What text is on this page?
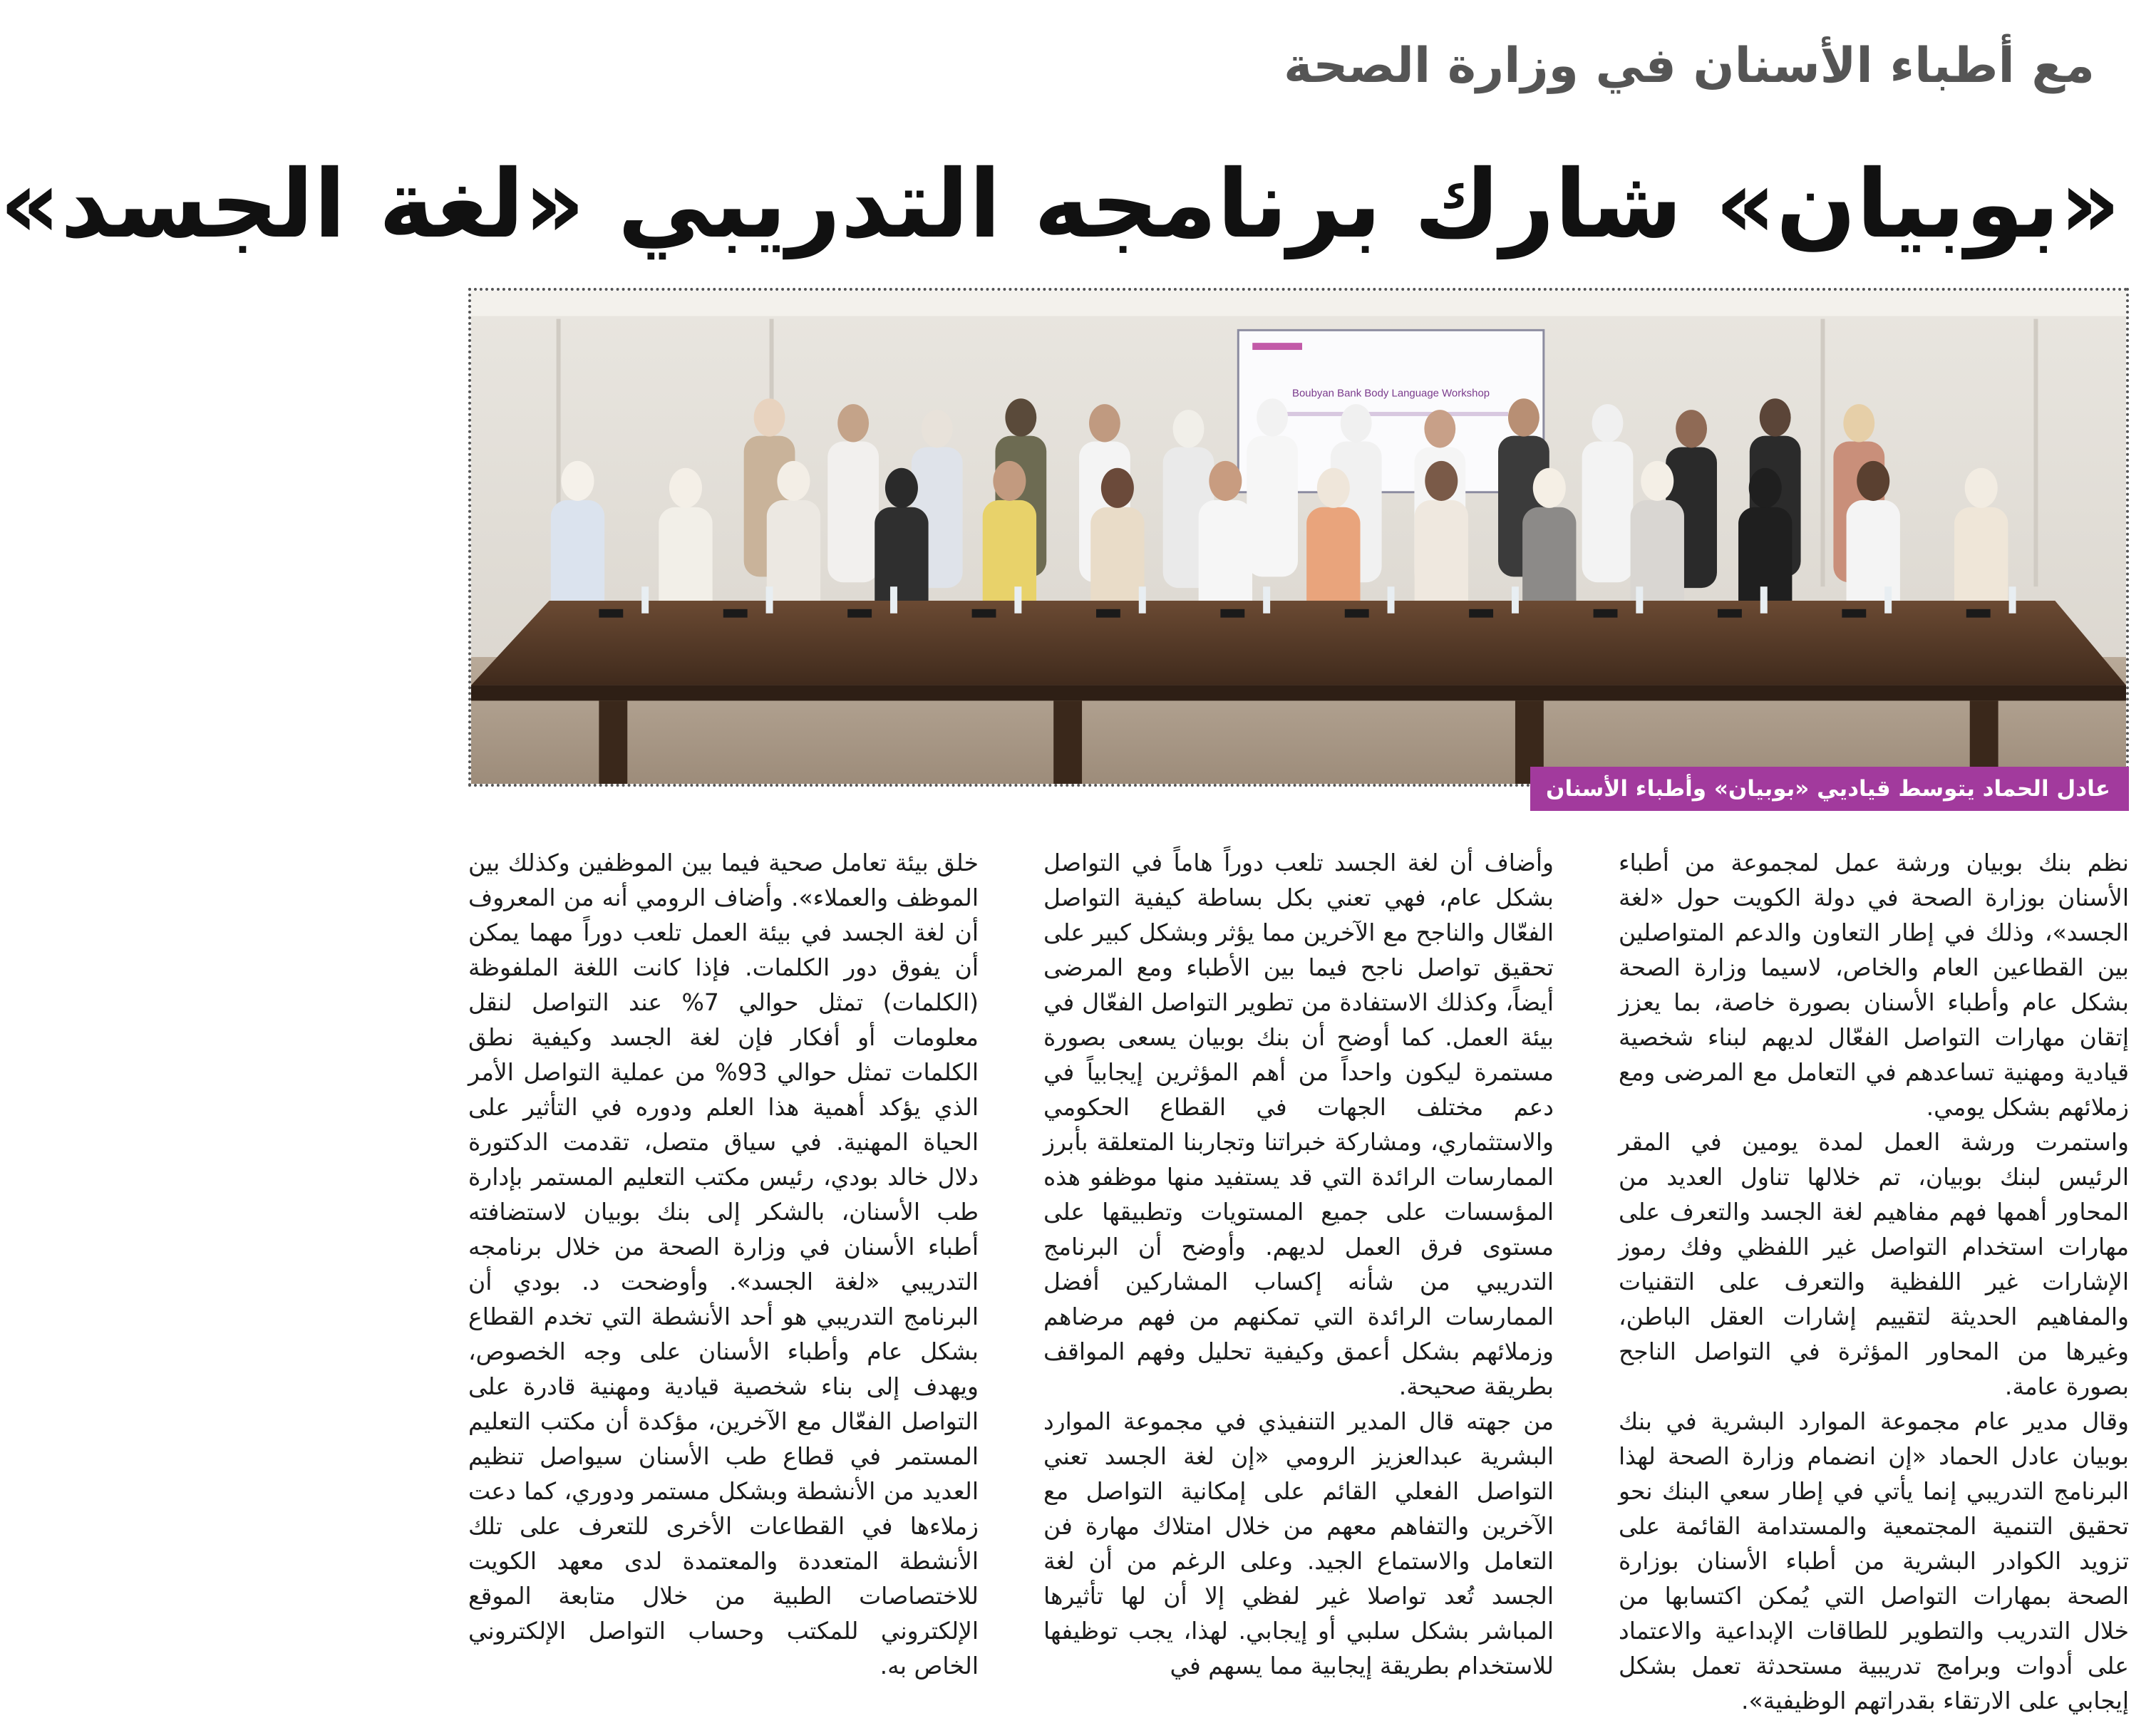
مع أطباء الأسنان في وزارة الصحة
«بوبيان» شارك برنامجه التدريبي «لغة الجسد»
Boubyan Bank Body Language Workshop
عادل الحماد يتوسط قياديي «بوبيان» وأطباء الأسنان

نظم بنك بوبيان ورشة عمل لمجموعة من أطباء الأسنان بوزارة الصحة في دولة الكويت حول «لغة الجسد»، وذلك في إطار التعاون والدعم المتواصلين بين القطاعين العام والخاص، لاسيما وزارة الصحة بشكل عام وأطباء الأسنان بصورة خاصة، بما يعزز إتقان مهارات التواصل الفعّال لديهم لبناء شخصية قيادية ومهنية تساعدهم في التعامل مع المرضى ومع زملائهم بشكل يومي.

واستمرت ورشة العمل لمدة يومين في المقر الرئيس لبنك بوبيان، تم خلالها تناول العديد من المحاور أهمها فهم مفاهيم لغة الجسد والتعرف على مهارات استخدام التواصل غير اللفظي وفك رموز الإشارات غير اللفظية والتعرف على التقنيات والمفاهيم الحديثة لتقييم إشارات العقل الباطن، وغيرها من المحاور المؤثرة في التواصل الناجح بصورة عامة.

وقال مدير عام مجموعة الموارد البشرية في بنك بوبيان عادل الحماد «إن انضمام وزارة الصحة لهذا البرنامج التدريبي إنما يأتي في إطار سعي البنك نحو تحقيق التنمية المجتمعية والمستدامة القائمة على تزويد الكوادر البشرية من أطباء الأسنان بوزارة الصحة بمهارات التواصل التي يُمكن اكتسابها من خلال التدريب والتطوير للطاقات الإبداعية والاعتماد على أدوات وبرامج تدريبية مستحدثة تعمل بشكل إيجابي على الارتقاء بقدراتهم الوظيفية».

وأضاف أن لغة الجسد تلعب دوراً هاماً في التواصل بشكل عام، فهي تعني بكل بساطة كيفية التواصل الفعّال والناجح مع الآخرين مما يؤثر وبشكل كبير على تحقيق تواصل ناجح فيما بين الأطباء ومع المرضى أيضاً، وكذلك الاستفادة من تطوير التواصل الفعّال في بيئة العمل. كما أوضح أن بنك بوبيان يسعى بصورة مستمرة ليكون واحداً من أهم المؤثرين إيجابياً في دعم مختلف الجهات في القطاع الحكومي والاستثماري، ومشاركة خبراتنا وتجاربنا المتعلقة بأبرز الممارسات الرائدة التي قد يستفيد منها موظفو هذه المؤسسات على جميع المستويات وتطبيقها على مستوى فرق العمل لديهم. وأوضح أن البرنامج التدريبي من شأنه إكساب المشاركين أفضل الممارسات الرائدة التي تمكنهم من فهم مرضاهم وزملائهم بشكل أعمق وكيفية تحليل وفهم المواقف بطريقة صحيحة.

من جهته قال المدير التنفيذي في مجموعة الموارد البشرية عبدالعزيز الرومي «إن لغة الجسد تعني التواصل الفعلي القائم على إمكانية التواصل مع الآخرين والتفاهم معهم من خلال امتلاك مهارة فن التعامل والاستماع الجيد. وعلى الرغم من أن لغة الجسد تُعد تواصلا غير لفظي إلا أن لها تأثيرها المباشر بشكل سلبي أو إيجابي. لهذا، يجب توظيفها للاستخدام بطريقة إيجابية مما يسهم في

خلق بيئة تعامل صحية فيما بين الموظفين وكذلك بين الموظف والعملاء». وأضاف الرومي أنه من المعروف أن لغة الجسد في بيئة العمل تلعب دوراً مهما يمكن أن يفوق دور الكلمات. فإذا كانت اللغة الملفوظة (الكلمات) تمثل حوالي 7% عند التواصل لنقل معلومات أو أفكار فإن لغة الجسد وكيفية نطق الكلمات تمثل حوالي 93% من عملية التواصل الأمر الذي يؤكد أهمية هذا العلم ودوره في التأثير على الحياة المهنية. في سياق متصل، تقدمت الدكتورة دلال خالد بودي، رئيس مكتب التعليم المستمر بإدارة طب الأسنان، بالشكر إلى بنك بوبيان لاستضافته أطباء الأسنان في وزارة الصحة من خلال برنامجه التدريبي «لغة الجسد». وأوضحت د. بودي أن البرنامج التدريبي هو أحد الأنشطة التي تخدم القطاع بشكل عام وأطباء الأسنان على وجه الخصوص، ويهدف إلى بناء شخصية قيادية ومهنية قادرة على التواصل الفعّال مع الآخرين، مؤكدة أن مكتب التعليم المستمر في قطاع طب الأسنان سيواصل تنظيم العديد من الأنشطة وبشكل مستمر ودوري، كما دعت زملاءها في القطاعات الأخرى للتعرف على تلك الأنشطة المتعددة والمعتمدة لدى معهد الكويت للاختصاصات الطبية من خلال متابعة الموقع الإلكتروني للمكتب وحساب التواصل الإلكتروني الخاص به.
